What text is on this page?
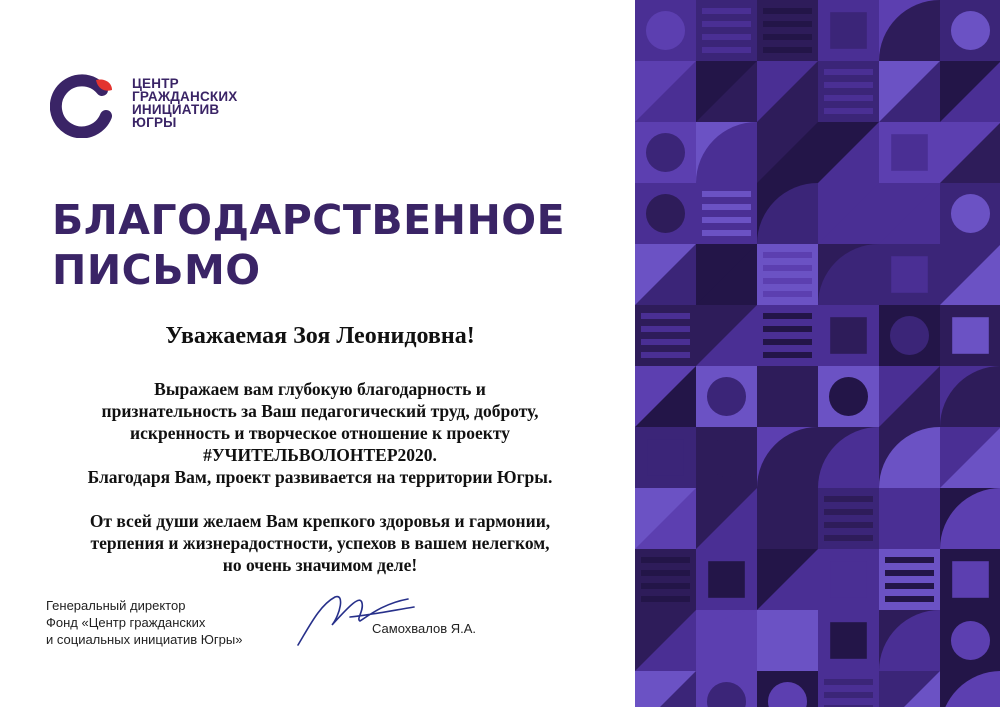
ЦЕНТР
ГРАЖДАНСКИХ
ИНИЦИАТИВ
ЮГРЫ
БЛАГОДАРСТВЕННОЕ
ПИСЬМО
Уважаемая Зоя Леонидовна!
Выражаем вам глубокую благодарность и
признательность за Ваш педагогический труд, доброту,
искренность и творческое отношение к проекту
#УЧИТЕЛЬВОЛОНТЕР2020.
Благодаря Вам, проект развивается на территории Югры.
От всей души желаем Вам крепкого здоровья и гармонии,
терпения и жизнерадостности, успехов в вашем нелегком,
но очень значимом деле!
Генеральный директор
Фонд «Центр гражданских
и социальных инициатив Югры»
Самохвалов Я.А.
